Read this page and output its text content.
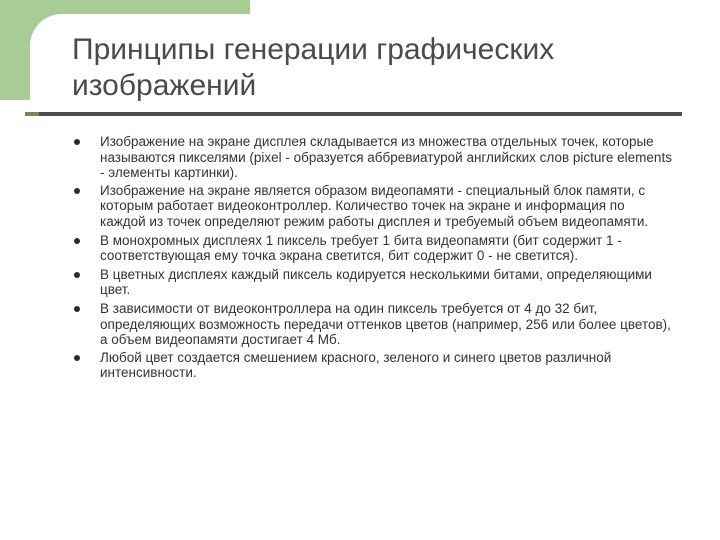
Принципы генерации графических изображений
Изображение на экране дисплея складывается из множества отдельных точек, которые называются пикселями (pixel - образуется аббревиатурой английских слов picture elements - элементы картинки).
Изображение на экране является образом видеопамяти - специальный блок памяти, с которым работает видеоконтроллер. Количество точек на экране и информация по каждой из точек определяют режим работы дисплея и требуемый объем видеопамяти.
В монохромных дисплеях 1 пиксель требует 1 бита видеопамяти (бит содержит 1 - соответствующая ему точка экрана светится, бит содержит 0 - не светится).
В цветных дисплеях каждый пиксель кодируется несколькими битами, определяющими цвет.
В зависимости от видеоконтроллера на один пиксель требуется от 4 до 32 бит, определяющих возможность передачи оттенков цветов (например, 256 или более цветов), а объем видеопамяти достигает 4 Мб.
Любой цвет создается смешением красного, зеленого и синего цветов различной интенсивности.
